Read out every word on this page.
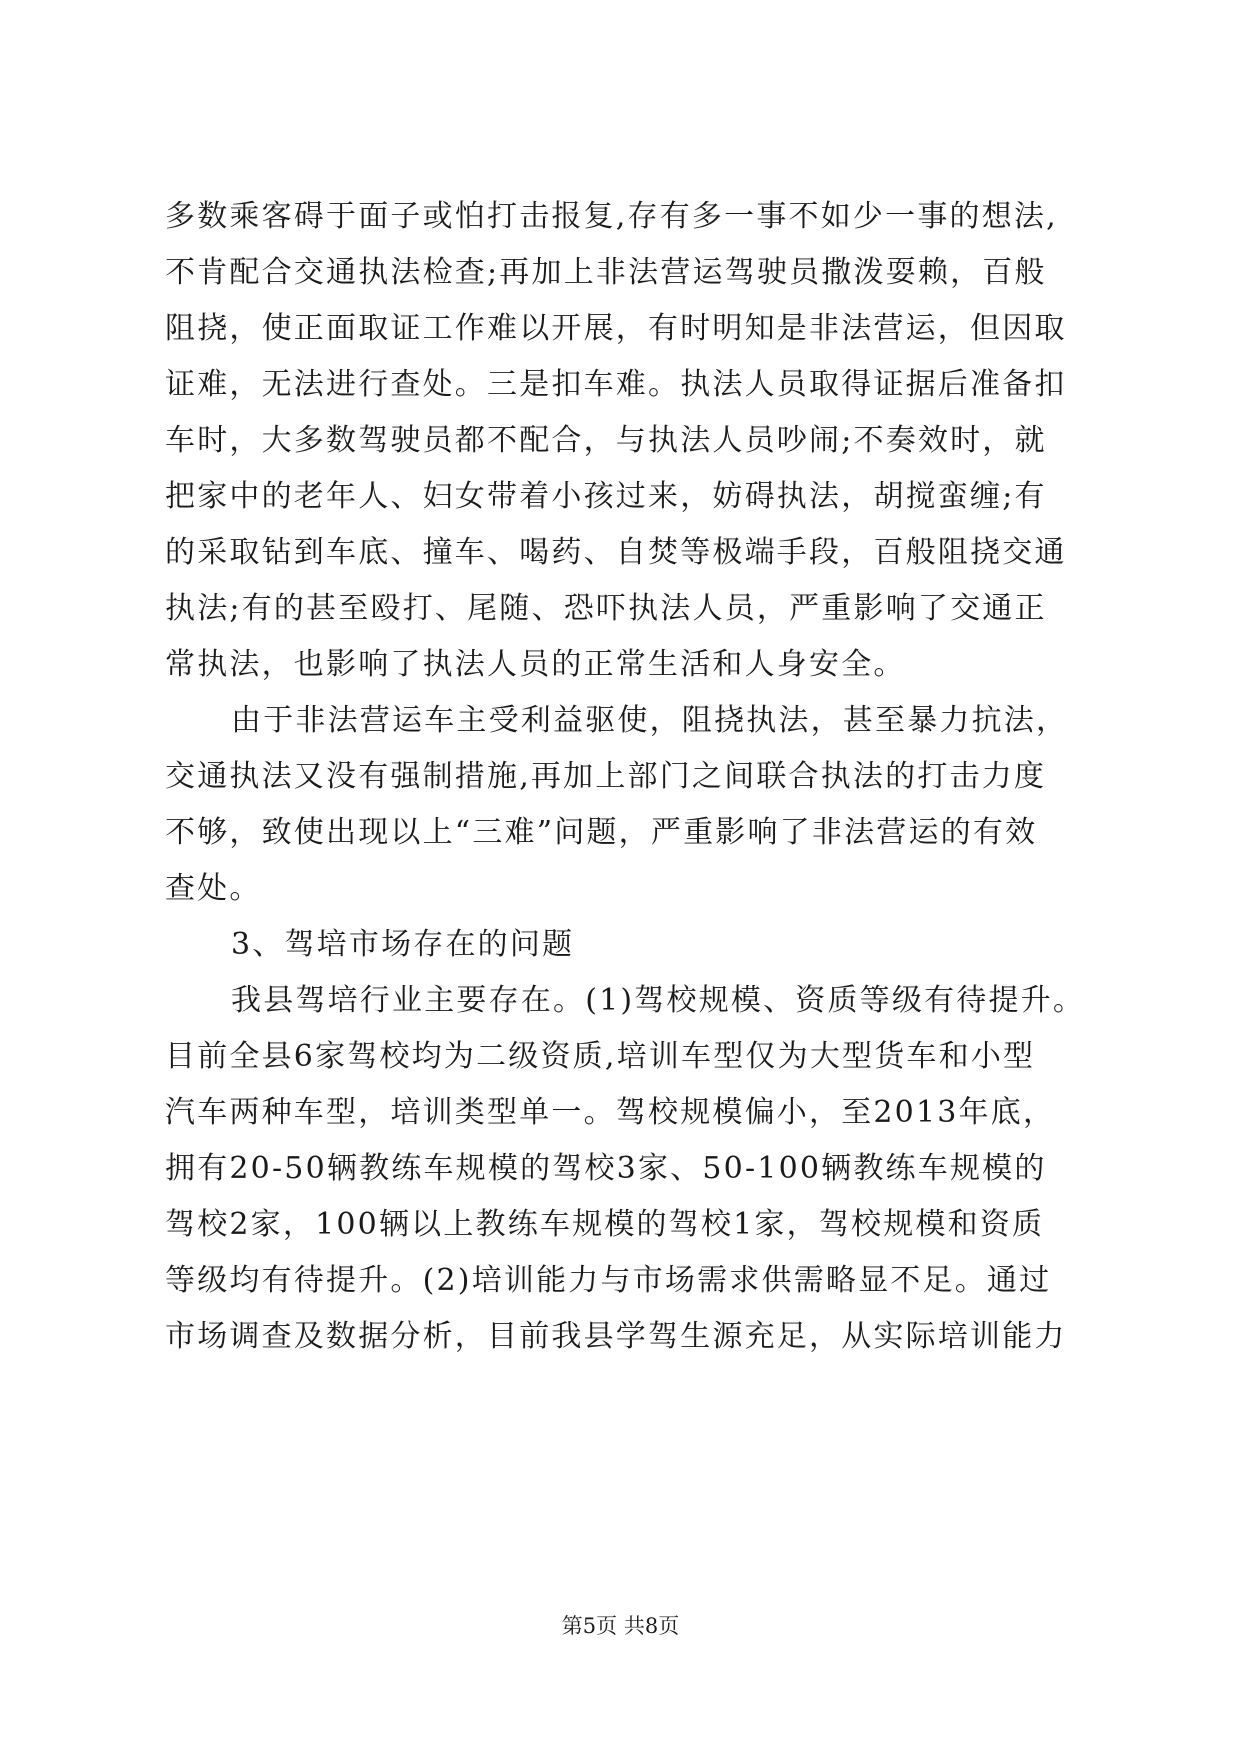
多数乘客碍于面子或怕打击报复,存有多一事不如少一事的想法,
不肯配合交通执法检查;再加上非法营运驾驶员撒泼耍赖，百般
阻挠，使正面取证工作难以开展，有时明知是非法营运，但因取
证难，无法进行查处。三是扣车难。执法人员取得证据后准备扣
车时，大多数驾驶员都不配合，与执法人员吵闹;不奏效时，就
把家中的老年人、妇女带着小孩过来，妨碍执法，胡搅蛮缠;有
的采取钻到车底、撞车、喝药、自焚等极端手段，百般阻挠交通
执法;有的甚至殴打、尾随、恐吓执法人员，严重影响了交通正
常执法，也影响了执法人员的正常生活和人身安全。
由于非法营运车主受利益驱使，阻挠执法，甚至暴力抗法，
交通执法又没有强制措施,再加上部门之间联合执法的打击力度
不够，致使出现以上“三难”问题，严重影响了非法营运的有效
查处。
3、驾培市场存在的问题
我县驾培行业主要存在。(1)驾校规模、资质等级有待提升。
目前全县6家驾校均为二级资质,培训车型仅为大型货车和小型
汽车两种车型，培训类型单一。驾校规模偏小，至2013年底，
拥有20-50辆教练车规模的驾校3家、50-100辆教练车规模的
驾校2家，100辆以上教练车规模的驾校1家，驾校规模和资质
等级均有待提升。(2)培训能力与市场需求供需略显不足。通过
市场调查及数据分析，目前我县学驾生源充足，从实际培训能力
第5页 共8页
